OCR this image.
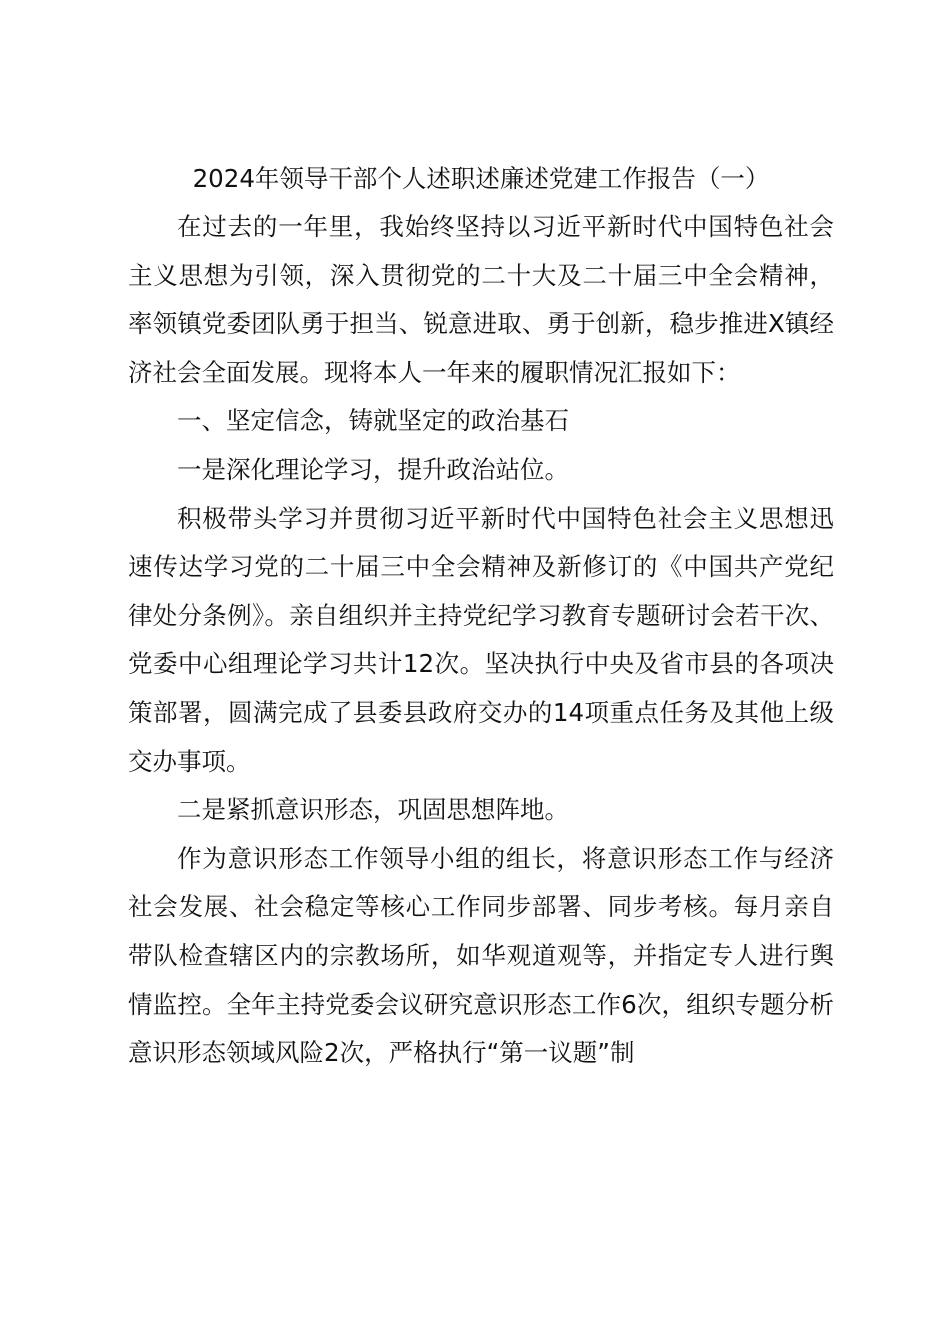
2024年领导干部个人述职述廉述党建工作报告（一）

在过去的一年里，我始终坚持以习近平新时代中国特色社会主义思想为引领，深入贯彻党的二十大及二十届三中全会精神，率领镇党委团队勇于担当、锐意进取、勇于创新，稳步推进X镇经济社会全面发展。现将本人一年来的履职情况汇报如下：

一、坚定信念，铸就坚定的政治基石

一是深化理论学习，提升政治站位。

积极带头学习并贯彻习近平新时代中国特色社会主义思想迅速传达学习党的二十届三中全会精神及新修订的《中国共产党纪律处分条例》。亲自组织并主持党纪学习教育专题研讨会若干次、党委中心组理论学习共计12次。坚决执行中央及省市县的各项决策部署，圆满完成了县委县政府交办的14项重点任务及其他上级交办事项。

二是紧抓意识形态，巩固思想阵地。

作为意识形态工作领导小组的组长，将意识形态工作与经济社会发展、社会稳定等核心工作同步部署、同步考核。每月亲自带队检查辖区内的宗教场所，如华观道观等，并指定专人进行舆情监控。全年主持党委会议研究意识形态工作6次，组织专题分析意识形态领域风险2次，严格执行“第一议题”制
